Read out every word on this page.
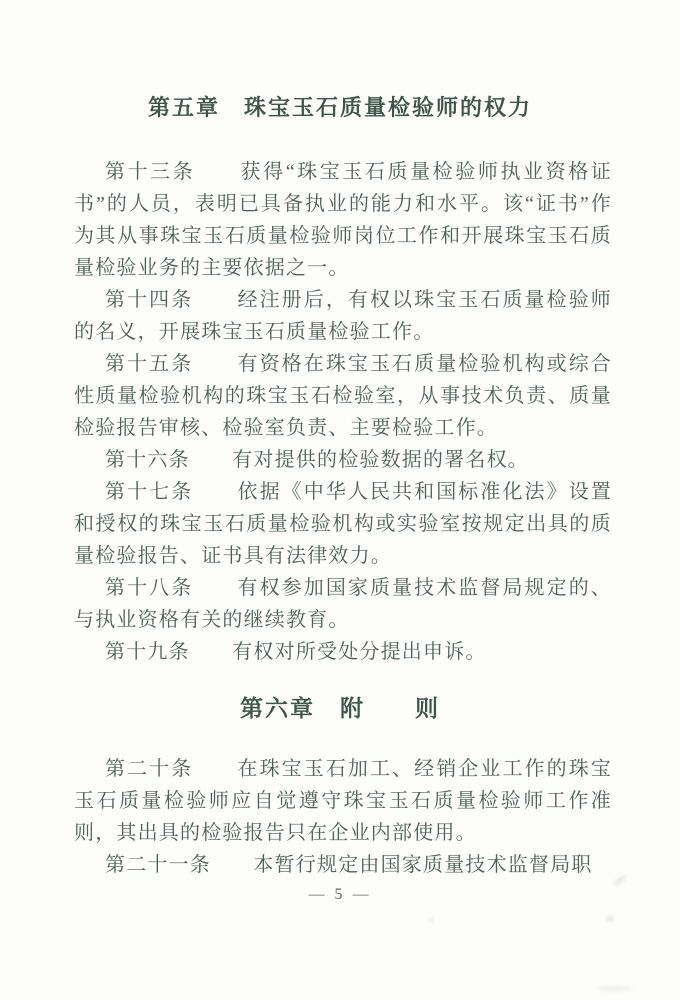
第五章　珠宝玉石质量检验师的权力

第十三条　　获得“珠宝玉石质量检验师执业资格证书”的人员，表明已具备执业的能力和水平。该“证书”作为其从事珠宝玉石质量检验师岗位工作和开展珠宝玉石质量检验业务的主要依据之一。

第十四条　　经注册后，有权以珠宝玉石质量检验师的名义，开展珠宝玉石质量检验工作。

第十五条　　有资格在珠宝玉石质量检验机构或综合性质量检验机构的珠宝玉石检验室，从事技术负责、质量检验报告审核、检验室负责、主要检验工作。

第十六条　　有对提供的检验数据的署名权。

第十七条　　依据《中华人民共和国标准化法》设置和授权的珠宝玉石质量检验机构或实验室按规定出具的质量检验报告、证书具有法律效力。

第十八条　　有权参加国家质量技术监督局规定的、与执业资格有关的继续教育。

第十九条　　有权对所受处分提出申诉。

第六章　附　　则

第二十条　　在珠宝玉石加工、经销企业工作的珠宝玉石质量检验师应自觉遵守珠宝玉石质量检验师工作准则，其出具的检验报告只在企业内部使用。

第二十一条　　本暂行规定由国家质量技术监督局职

— 5 —
